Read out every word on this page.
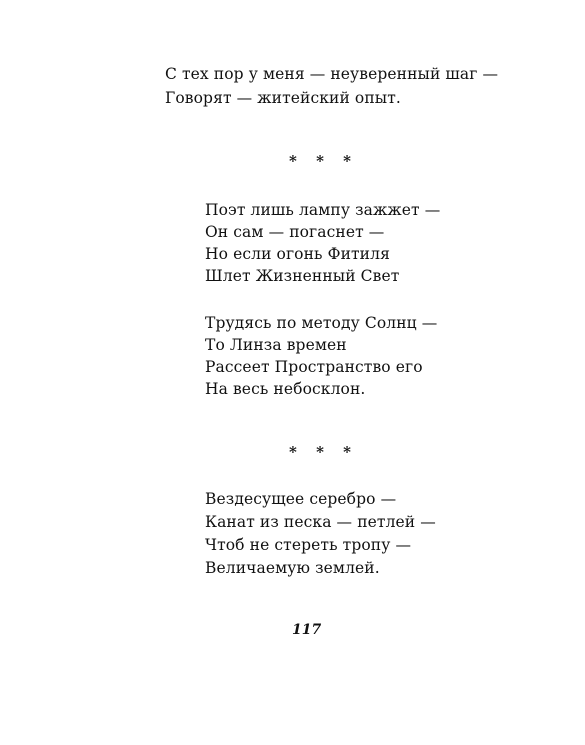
С тех пор у меня — неуверенный шаг —
Говорят — житейский опыт.
* * *
Поэт лишь лампу зажжет —
Он сам — погаснет —
Но если огонь Фитиля
Шлет Жизненный Свет
Трудясь по методу Солнц —
То Линза времен
Рассеет Пространство его
На весь небосклон.
* * *
Вездесущее серебро —
Канат из песка — петлей —
Чтоб не стереть тропу —
Величаемую землей.
117
